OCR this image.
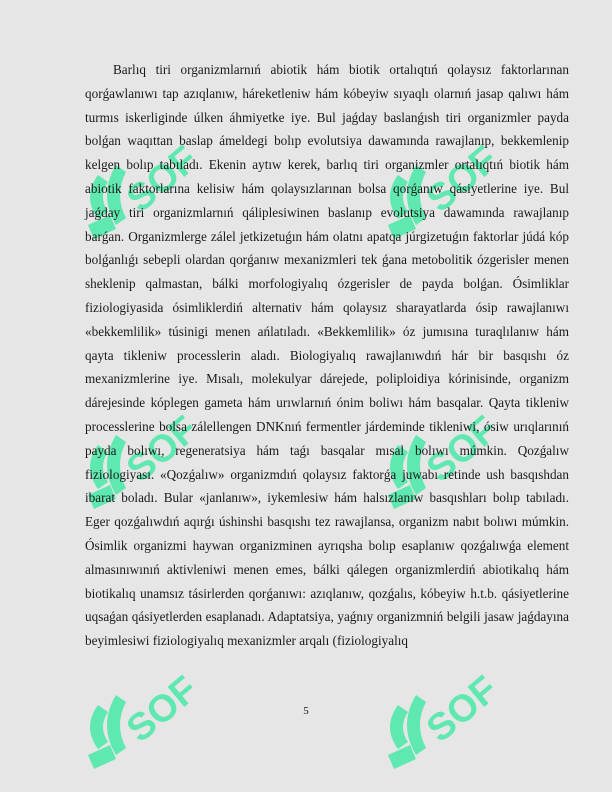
SOF	SOF
SOF	SOF
SOF	SOF

Barlıq tiri organizmlarnıń abiotik hám biotik ortalıqtıń qolaysız faktorlarınan qorǵawlanıwı tap azıqlanıw, háreketleniw hám kóbeyiw sıyaqlı olarnıń jasap qalıwı hám turmıs iskerliginde úlken áhmiyetke iye. Bul jaǵday baslanǵısh tiri organizmler payda bolǵan waqıttan baslap ámeldegi bolıp evolutsiya dawamında rawajlanıp, bekkemlenip kelgen bolıp tabıladı. Ekenin aytıw kerek, barlıq tiri organizmler ortalıqtıń biotik hám abiotik faktorlarına kelisiw hám qolaysızlarınan bolsa qorǵanıw qásiyetlerine iye. Bul jaǵday tiri organizmlarnıń qáliplesiwinen baslanıp evolutsiya dawamında rawajlanıp barǵan. Organizmlerge zálel jetkizetuǵın hám olatnı apatqa júrgizetuǵın faktorlar júdá kóp bolǵanlıǵı sebepli olardan qorǵanıw mexanizmleri tek ǵana metobolitik ózgerisler menen sheklenip qalmastan, bálki morfologiyalıq ózgerisler de payda bolǵan. Ósimliklar fiziologiyasida ósimliklerdiń alternativ hám qolaysız sharayatlarda ósip rawajlanıwı «bekkemlilik» túsinigi menen ańlatıladı. «Bekkemlilik» óz jumısına turaqlılanıw hám qayta tikleniw processlerin aladı. Biologiyalıq rawajlanıwdıń hár bir basqıshı óz mexanizmlerine iye. Mısalı, molekulyar dárejede, poliploidiya kórinisinde, organizm dárejesinde kóplegen gameta hám urıwlarnıń ónim boliwı hám basqalar. Qayta tikleniw processlerine bolsa zálellengen DNKnıń fermentler járdeminde tikleniwi, ósiw urıqlarınıń payda bolıwı, regeneratsiya hám taǵı basqalar mısal bolıwı múmkin. Qozǵalıw fiziologiyası. «Qozǵalıw» organizmdıń qolaysız faktorǵa juwabı retinde ush basqıshdan ibarat boladı. Bular «janlanıw», iykemlesiw hám halsızlanıw basqıshları bolıp tabıladı. Eger qozǵalıwdıń aqırǵı úshinshi basqıshı tez rawajlansa, organizm nabıt bolıwı múmkin. Ósimlik organizmi haywan organizminen ayrıqsha bolıp esaplanıw qozǵalıwǵa element almasınıwınıń aktivleniwi menen emes, bálki qálegen organizmlerdiń abiotikalıq hám biotikalıq unamsız tásirlerden qorǵanıwı: azıqlanıw, qozǵalıs, kóbeyiw h.t.b. qásiyetlerine uqsaǵan qásiyetlerden esaplanadı. Adaptatsiya, yaǵnıy organizmniń belgili jasaw jaǵdayına beyimlesiwi fiziologiyalıq mexanizmler arqalı (fiziologiyalıq

5
